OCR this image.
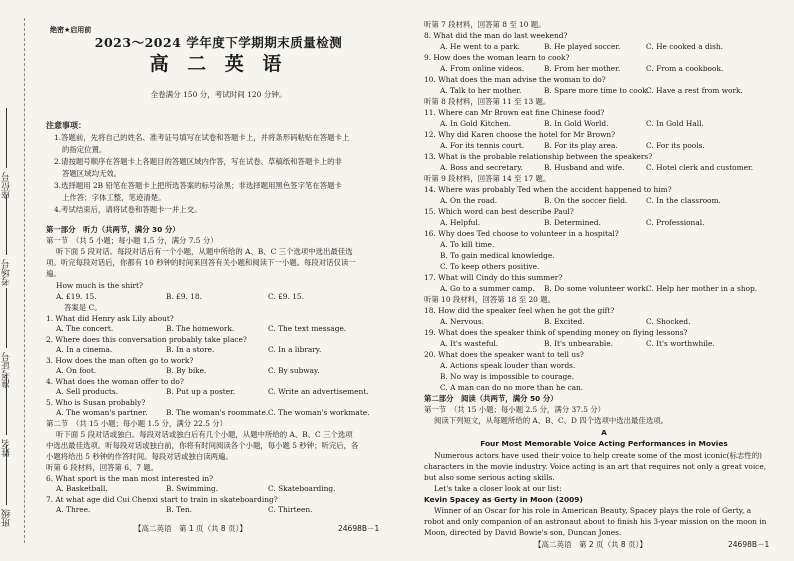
座位号
考场号
准考证号
姓名
班级
绝密★启用前
2023～2024 学年度下学期期末质量检测
高 二 英 语
全卷满分 150 分，考试时间 120 分钟。
注意事项：
1.答题前，先将自己的姓名、准考证号填写在试卷和答题卡上，并将条形码粘贴在答题卡上
的指定位置。
2.请按题号顺序在答题卡上各题目的答题区域内作答，写在试卷、草稿纸和答题卡上的非
答题区域均无效。
3.选择题用 2B 铅笔在答题卡上把所选答案的标号涂黑；非选择题用黑色签字笔在答题卡
上作答；字体工整，笔迹清楚。
4.考试结束后，请将试卷和答题卡一并上交。
第一部分　听力（共两节，满分 30 分）
第一节　（共 5 小题；每小题 1.5 分，满分 7.5 分）
听下面 5 段对话。每段对话后有一个小题，从题中所给的 A、B、C 三个选项中选出最佳选
项。听完每段对话后，你都有 10 秒钟的时间来回答有关小题和阅读下一小题。每段对话仅读一
遍。
How much is the shirt?
A. £19. 15.	B. £9. 18.	C. £9. 15.
答案是 C。
1. What did Henry ask Lily about?
A. The concert.	B. The homework.	C. The text message.
2. Where does this conversation probably take place?
A. In a cinema.	B. In a store.	C. In a library.
3. How does the man often go to work?
A. On foot.	B. By bike.	C. By subway.
4. What does the woman offer to do?
A. Sell products.	B. Put up a poster.	C. Write an advertisement.
5. Who is Susan probably?
A. The woman's partner.	B. The woman's roommate. C. The woman's workmate.
第二节　（共 15 小题；每小题 1.5 分，满分 22.5 分）
听下面 5 段对话或独白。每段对话或独白后有几个小题，从题中所给的 A、B、C 三个选项
中选出最佳选项。听每段对话或独白前，你将有时间阅读各个小题，每小题 5 秒钟；听完后，各
小题将给出 5 秒钟的作答时间。每段对话或独白读两遍。
听第 6 段材料，回答第 6、7 题。
6. What sport is the man most interested in?
A. Basketball.	B. Swimming.	C. Skateboarding.
7. At what age did Cui Chenxi start to train in skateboarding?
A. Three.	B. Ten.	C. Thirteen.
【高二英语　第 1 页（共 8 页）】	24698B－1
听第 7 段材料，回答第 8 至 10 题。
8. What did the man do last weekend?
A. He went to a park.	B. He played soccer.	C. He cooked a dish.
9. How does the woman learn to cook?
A. From online videos.	B. From her mother.	C. From a cookbook.
10. What does the man advise the woman to do?
A. Talk to her mother.	B. Spare more time to cook.
C. Have a rest from work.
听第 8 段材料，回答第 11 至 13 题。
11. Where can Mr Brown eat fine Chinese food?
A. In Gold Kitchen.	B. In Gold World.	C. In Gold Hall.
12. Why did Karen choose the hotel for Mr Brown?
A. For its tennis court.	B. For its play area.	C. For its pools.
13. What is the probable relationship between the speakers?
A. Boss and secretary.	B. Husband and wife.	C. Hotel clerk and customer.
听第 9 段材料，回答第 14 至 17 题。
14. Where was probably Ted when the accident happened to him?
A. On the road.	B. On the soccer field.	C. In the classroom.
15. Which word can best describe Paul?
A. Helpful.	B. Determined.	C. Professional.
16. Why does Ted choose to volunteer in a hospital?
A. To kill time.
B. To gain medical knowledge.
C. To keep others positive.
17. What will Cindy do this summer?
A. Go to a summer camp. B. Do some volunteer work.
C. Help her mother in a shop.
听第 10 段材料，回答第 18 至 20 题。
18. How did the speaker feel when he got the gift?
A. Nervous.	B. Excited.	C. Shocked.
19. What does the speaker think of spending money on flying lessons?
A. It's wasteful.	B. It's unbearable.	C. It's worthwhile.
20. What does the speaker want to tell us?
A. Actions speak louder than words.
B. No way is impossible to courage.
C. A man can do no more than he can.
第二部分　阅读（共两节，满分 50 分）
第一节　（共 15 小题；每小题 2.5 分，满分 37.5 分）
阅读下列短文，从每题所给的 A、B、C、D 四个选项中选出最佳选项。
A
Four Most Memorable Voice Acting Performances in Movies
Numerous actors have used their voice to help create some of the most iconic(标志性的)
characters in the movie industry. Voice acting is an art that requires not only a great voice,
but also some serious acting skills.
Let's take a closer look at our list:
Kevin Spacey as Gerty in Moon (2009)
Winner of an Oscar for his role in American Beauty, Spacey plays the role of Gerty, a
robot and only companion of an astronaut about to finish his 3-year mission on the moon in
Moon, directed by David Bowie's son, Duncan Jones.
【高二英语　第 2 页（共 8 页）】	24698B－1
